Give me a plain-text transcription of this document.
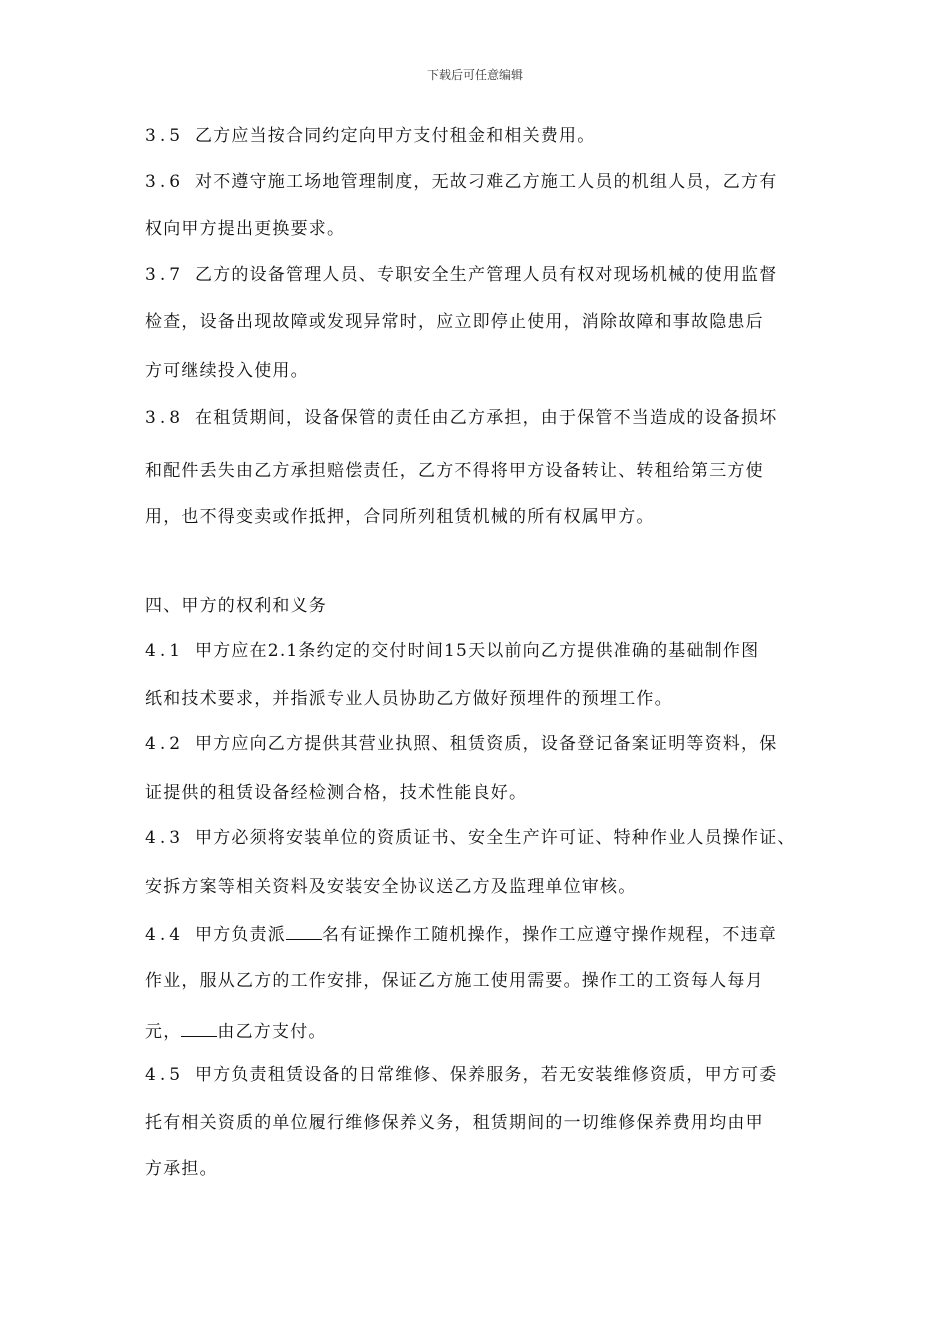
下载后可任意编辑
3.5 乙方应当按合同约定向甲方支付租金和相关费用。
3.6 对不遵守施工场地管理制度，无故刁难乙方施工人员的机组人员，乙方有
权向甲方提出更换要求。
3.7 乙方的设备管理人员、专职安全生产管理人员有权对现场机械的使用监督
检查，设备出现故障或发现异常时，应立即停止使用，消除故障和事故隐患后
方可继续投入使用。
3.8 在租赁期间，设备保管的责任由乙方承担，由于保管不当造成的设备损坏
和配件丢失由乙方承担赔偿责任，乙方不得将甲方设备转让、转租给第三方使
用，也不得变卖或作抵押，合同所列租赁机械的所有权属甲方。
四、甲方的权利和义务
4.1 甲方应在2.1条约定的交付时间15天以前向乙方提供准确的基础制作图
纸和技术要求，并指派专业人员协助乙方做好预埋件的预埋工作。
4.2 甲方应向乙方提供其营业执照、租赁资质，设备登记备案证明等资料，保
证提供的租赁设备经检测合格，技术性能良好。
4.3 甲方必须将安装单位的资质证书、安全生产许可证、特种作业人员操作证、
安拆方案等相关资料及安装安全协议送乙方及监理单位审核。
4.4 甲方负责派 名有证操作工随机操作，操作工应遵守操作规程，不违章
作业，服从乙方的工作安排，保证乙方施工使用需要。操作工的工资每人每月
元， 由乙方支付。
4.5 甲方负责租赁设备的日常维修、保养服务，若无安装维修资质，甲方可委
托有相关资质的单位履行维修保养义务，租赁期间的一切维修保养费用均由甲
方承担。
